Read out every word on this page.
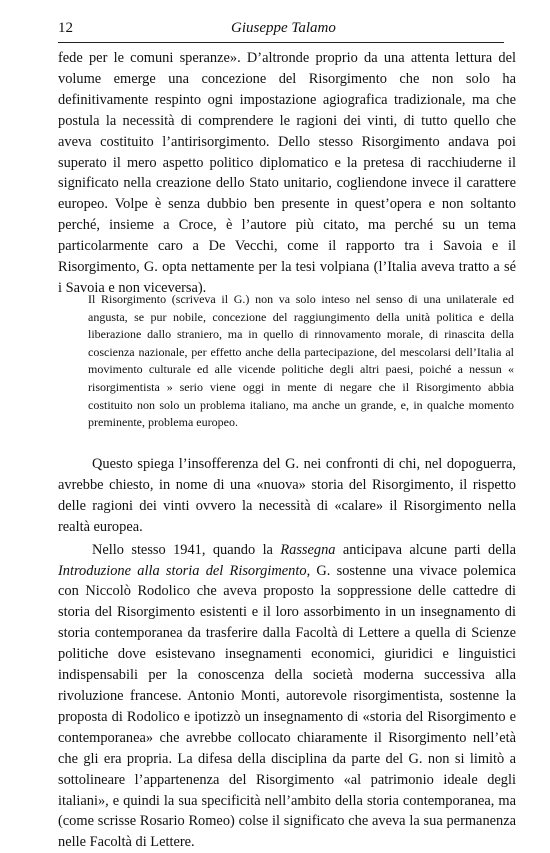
12	Giuseppe Talamo

fede per le comuni speranze». D’altronde proprio da una attenta lettura del volume emerge una concezione del Risorgimento che non solo ha definitivamente respinto ogni impostazione agiografica tradizionale, ma che postula la necessità di comprendere le ragioni dei vinti, di tutto quello che aveva costituito l’antirisorgimento. Dello stesso Risorgimento andava poi superato il mero aspetto politico diplomatico e la pretesa di racchiuderne il significato nella creazione dello Stato unitario, cogliendone invece il carattere europeo. Volpe è senza dubbio ben presente in quest’opera e non soltanto perché, insieme a Croce, è l’autore più citato, ma perché su un tema particolarmente caro a De Vecchi, come il rapporto tra i Savoia e il Risorgimento, G. opta nettamente per la tesi volpiana (l’Italia aveva tratto a sé i Savoia e non viceversa).

Il Risorgimento (scriveva il G.) non va solo inteso nel senso di una unilaterale ed angusta, se pur nobile, concezione del raggiungimento della unità politica e della liberazione dallo straniero, ma in quello di rinnovamento morale, di rinascita della coscienza nazionale, per effetto anche della partecipazione, del mescolarsi dell’Italia al movimento culturale ed alle vicende politiche degli altri paesi, poiché a nessun « risorgimentista » serio viene oggi in mente di negare che il Risorgimento abbia costituito non solo un problema italiano, ma anche un grande, e, in qualche momento preminente, problema europeo.

Questo spiega l’insofferenza del G. nei confronti di chi, nel dopoguerra, avrebbe chiesto, in nome di una «nuova» storia del Risorgimento, il rispetto delle ragioni dei vinti ovvero la necessità di «calare» il Risorgimento nella realtà europea.

Nello stesso 1941, quando la Rassegna anticipava alcune parti della Introduzione alla storia del Risorgimento, G. sostenne una vivace polemica con Niccolò Rodolico che aveva proposto la soppressione delle cattedre di storia del Risorgimento esistenti e il loro assorbimento in un insegnamento di storia contemporanea da trasferire dalla Facoltà di Lettere a quella di Scienze politiche dove esistevano insegnamenti economici, giuridici e linguistici indispensabili per la conoscenza della società moderna successiva alla rivoluzione francese. Antonio Monti, autorevole risorgimentista, sostenne la proposta di Rodolico e ipotizzò un insegnamento di «storia del Risorgimento e contemporanea» che avrebbe collocato chiaramente il Risorgimento nell’età che gli era propria. La difesa della disciplina da parte del G. non si limitò a sottolineare l’appartenenza del Risorgimento «al patrimonio ideale degli italiani», e quindi la sua specificità nell’ambito della storia contemporanea, ma (come scrisse Rosario Romeo) colse il significato che aveva la sua permanenza nelle Facoltà di Lettere.
